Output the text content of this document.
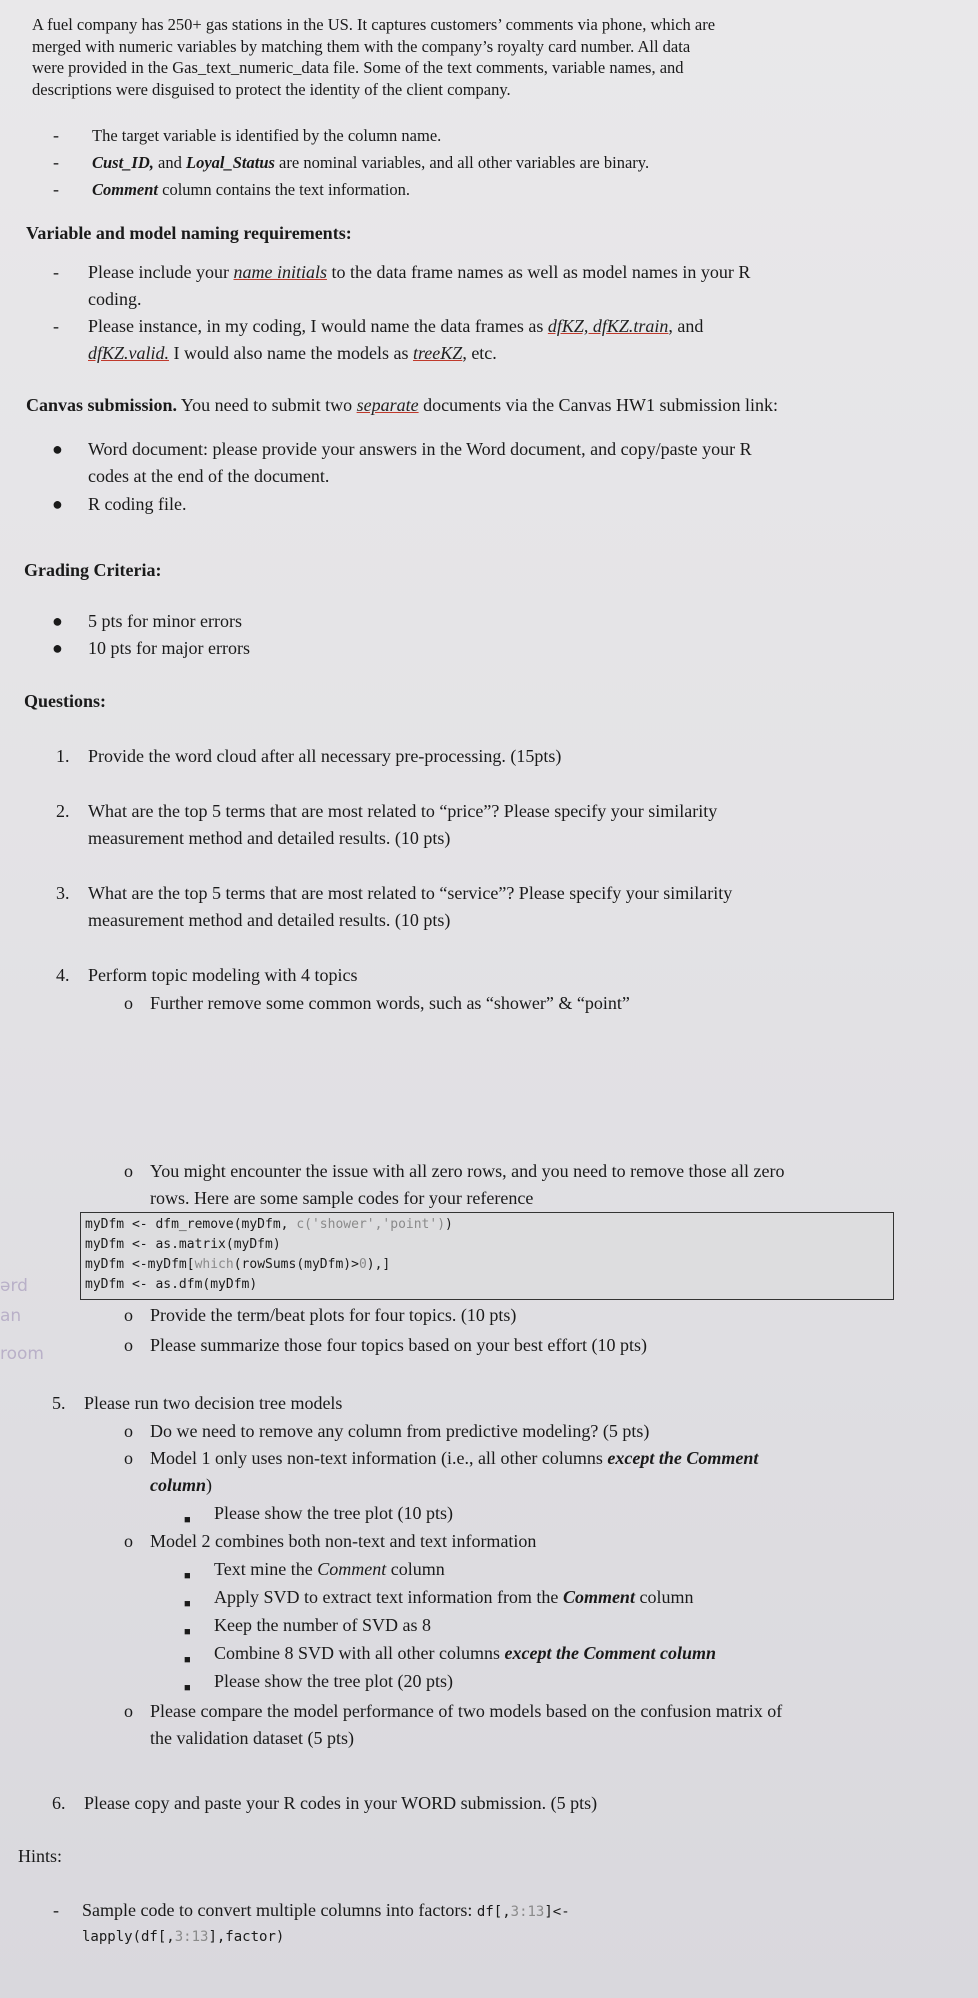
A fuel company has 250+ gas stations in the US. It captures customers’ comments via phone, which are
merged with numeric variables by matching them with the company’s royalty card number. All data
were provided in the Gas_text_numeric_data file. Some of the text comments, variable names, and
descriptions were disguised to protect the identity of the client company.
- The target variable is identified by the column name.
- Cust_ID, and Loyal_Status are nominal variables, and all other variables are binary.
- Comment column contains the text information.
Variable and model naming requirements:
- Please include your name initials to the data frame names as well as model names in your R
coding.
- Please instance, in my coding, I would name the data frames as dfKZ, dfKZ.train, and
dfKZ.valid. I would also name the models as treeKZ, etc.
Canvas submission. You need to submit two separate documents via the Canvas HW1 submission link:
● Word document: please provide your answers in the Word document, and copy/paste your R
codes at the end of the document.
● R coding file.
Grading Criteria:
● 5 pts for minor errors
● 10 pts for major errors
Questions:
1. Provide the word cloud after all necessary pre-processing. (15pts)
2. What are the top 5 terms that are most related to “price”? Please specify your similarity
measurement method and detailed results. (10 pts)
3. What are the top 5 terms that are most related to “service”? Please specify your similarity
measurement method and detailed results. (10 pts)
4. Perform topic modeling with 4 topics
o Further remove some common words, such as “shower” & “point”
o You might encounter the issue with all zero rows, and you need to remove those all zero
rows. Here are some sample codes for your reference
myDfm <- dfm_remove(myDfm, c('shower','point'))
myDfm <- as.matrix(myDfm)
myDfm <-myDfm[which(rowSums(myDfm)>0),]
myDfm <- as.dfm(myDfm)
ərd
an
room
o Provide the term/beat plots for four topics. (10 pts)
o Please summarize those four topics based on your best effort (10 pts)
5. Please run two decision tree models
o Do we need to remove any column from predictive modeling? (5 pts)
o Model 1 only uses non-text information (i.e., all other columns except the Comment
column)
■ Please show the tree plot (10 pts)
o Model 2 combines both non-text and text information
■ Text mine the Comment column
■ Apply SVD to extract text information from the Comment column
■ Keep the number of SVD as 8
■ Combine 8 SVD with all other columns except the Comment column
■ Please show the tree plot (20 pts)
o Please compare the model performance of two models based on the confusion matrix of
the validation dataset (5 pts)
6. Please copy and paste your R codes in your WORD submission. (5 pts)
Hints:
- Sample code to convert multiple columns into factors: df[,3:13]<-
lapply(df[,3:13],factor)
